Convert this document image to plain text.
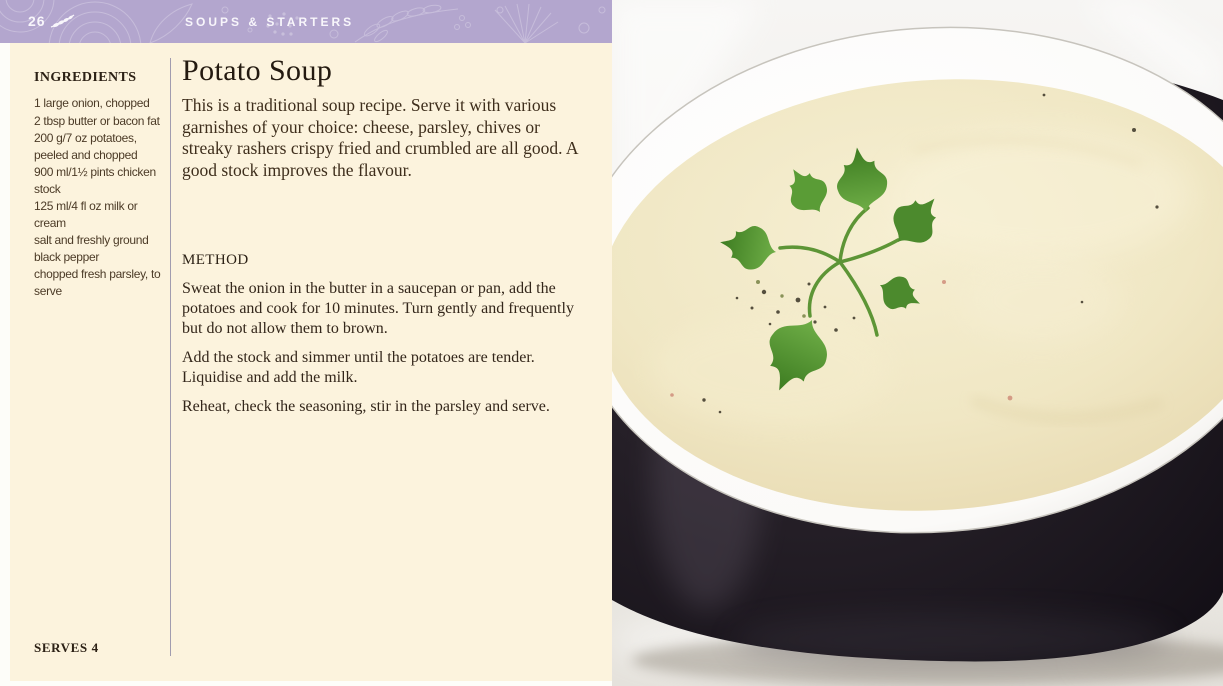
26	SOUPS & STARTERS
INGREDIENTS
1 large onion, chopped
2 tbsp butter or bacon fat
200 g/7 oz potatoes, peeled and chopped
900 ml/1½ pints chicken stock
125 ml/4 fl oz milk or cream
salt and freshly ground black pepper
chopped fresh parsley, to serve
SERVES 4
Potato Soup

This is a traditional soup recipe. Serve it with various garnishes of your choice: cheese, parsley, chives or streaky rashers crispy fried and crumbled are all good. A good stock improves the flavour.

METHOD

Sweat the onion in the butter in a saucepan or pan, add the potatoes and cook for 10 minutes. Turn gently and frequently but do not allow them to brown.

Add the stock and simmer until the potatoes are tender. Liquidise and add the milk.

Reheat, check the seasoning, stir in the parsley and serve.
